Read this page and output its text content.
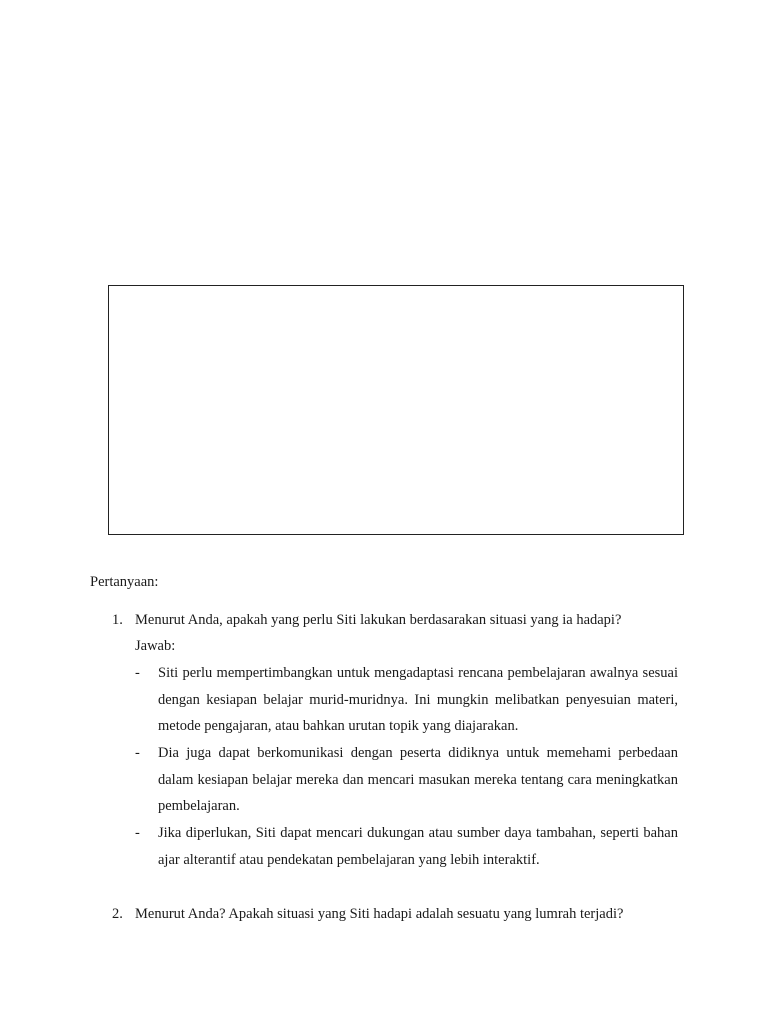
Pertanyaan:
1. Menurut Anda, apakah yang perlu Siti lakukan berdasarakan situasi yang ia hadapi?
Jawab:
- Siti perlu mempertimbangkan untuk mengadaptasi rencana pembelajaran awalnya sesuai dengan kesiapan belajar murid-muridnya. Ini mungkin melibatkan penyesuian materi, metode pengajaran, atau bahkan urutan topik yang diajarakan.
- Dia juga dapat berkomunikasi dengan peserta didiknya untuk memehami perbedaan dalam kesiapan belajar mereka dan mencari masukan mereka tentang cara meningkatkan pembelajaran.
- Jika diperlukan, Siti dapat mencari dukungan atau sumber daya tambahan, seperti bahan ajar alterantif atau pendekatan pembelajaran yang lebih interaktif.
2. Menurut Anda? Apakah situasi yang Siti hadapi adalah sesuatu yang lumrah terjadi?
